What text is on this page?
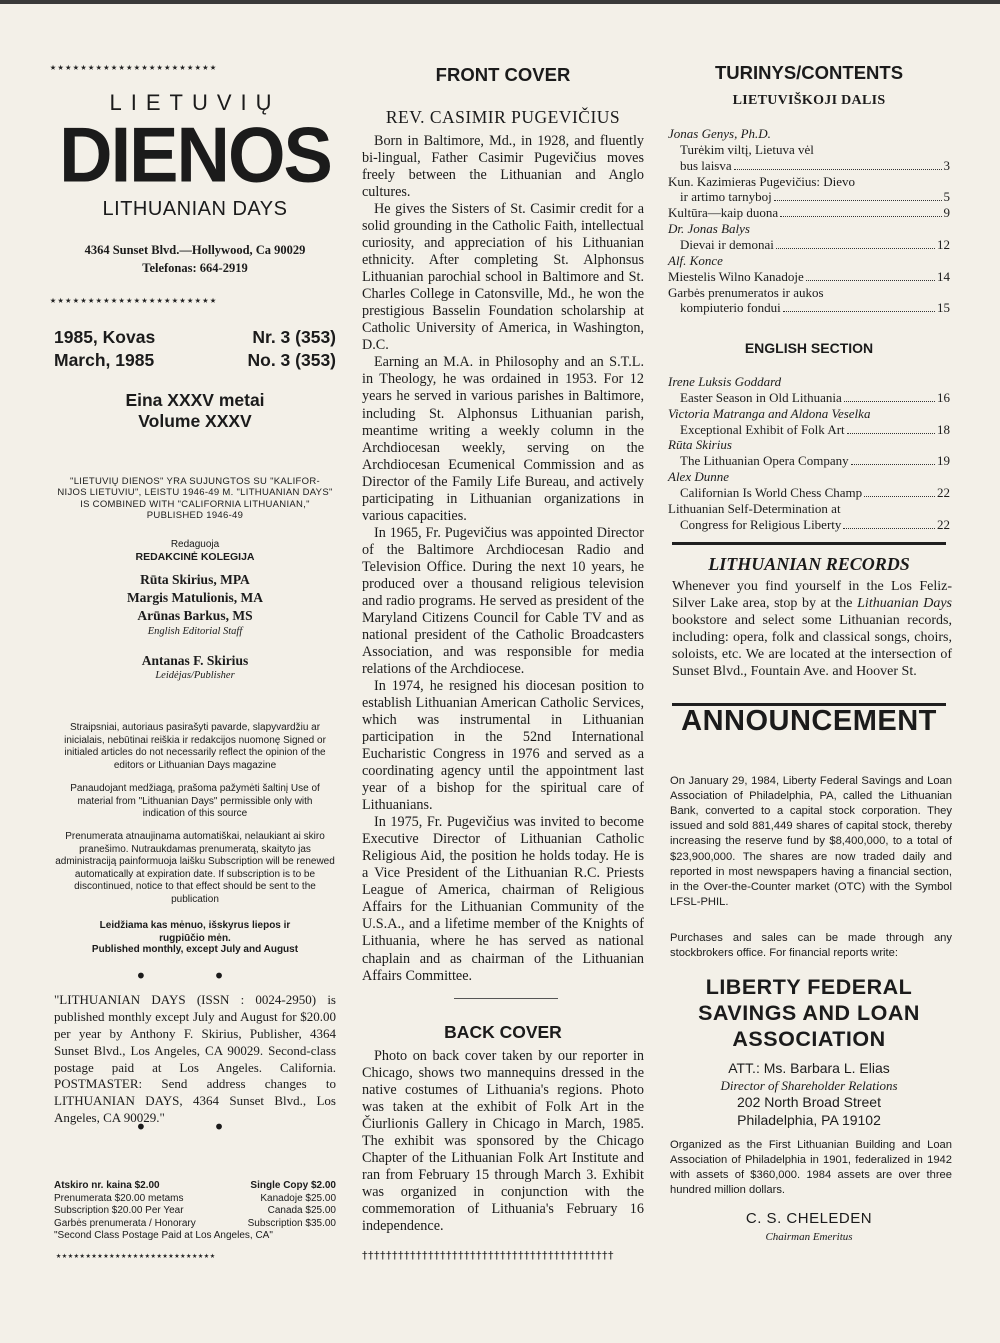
★★★★★★★★★★★★★★★★★★★★★★
LIETUVIŲ
DIENOS
LITHUANIAN DAYS
4364 Sunset Blvd.—Hollywood, Ca 90029
Telefonas: 664-2919
★★★★★★★★★★★★★★★★★★★★★★
1985, Kovas	Nr. 3 (353)
March, 1985	No. 3 (353)
Eina XXXV metai
Volume XXXV
"LIETUVIŲ DIENOS" YRA SUJUNGTOS SU "KALIFOR-NIJOS LIETUVIU", LEISTU 1946-49 M. "LITHUANIAN DAYS" IS COMBINED WITH "CALIFORNIA LITHUANIAN," PUBLISHED 1946-49
Redaguoja
REDAKCINĖ KOLEGIJA
Rūta Skirius, MPA
Margis Matulionis, MA
Arūnas Barkus, MS
English Editorial Staff
Antanas F. Skirius
Leidėjas/Publisher
Straipsniai, autoriaus pasirašyti pavarde, slapyvardžiu ar inicialais, nebūtinai reiškia ir redakcijos nuomonę Signed or initialed articles do not necessarily reflect the opinion of the editors or Lithuanian Days magazine
Panaudojant medžiagą, prašoma pažymėti šaltinį Use of material from "Lithuanian Days" permissible only with indication of this source
Prenumerata atnaujinama automatiškai, nelaukiant ai skiro pranešimo. Nutraukdamas prenumeratą, skaityto jas administraciją painformuoja laišku Subscription will be renewed automatically at expiration date. If subscription is to be discontinued, notice to that effect should be sent to the publication
Leidžiama kas mėnuo, išskyrus liepos ir rugpiūčio mėn.
Published monthly, except July and August
• •
"LITHUANIAN DAYS (ISSN : 0024-2950) is published monthly except July and August for $20.00 per year by Anthony F. Skirius, Publisher, 4364 Sunset Blvd., Los Angeles, CA 90029. Second-class postage paid at Los Angeles. California. POSTMASTER: Send address changes to LITHUANIAN DAYS, 4364 Sunset Blvd., Los Angeles, CA 90029."
• •
Atskiro nr. kaina $2.00	Single Copy $2.00
Prenumerata $20.00 metams	Kanadoje $25.00
Subscription $20.00 Per Year	Canada $25.00
Garbės prenumerata / Honorary	Subscription $35.00
"Second Class Postage Paid at Los Angeles, CA"
★★★★★★★★★★★★★★★★★★★★★★★★★★★
FRONT COVER
REV. CASIMIR PUGEVIČIUS

Born in Baltimore, Md., in 1928, and fluently bi-lingual, Father Casimir Pugevičius moves freely between the Lithuanian and Anglo cultures.

He gives the Sisters of St. Casimir credit for a solid grounding in the Catholic Faith, intellectual curiosity, and appreciation of his Lithuanian ethnicity. After completing St. Alphonsus Lithuanian parochial school in Baltimore and St. Charles College in Catonsville, Md., he won the prestigious Basselin Foundation scholarship at Catholic University of America, in Washington, D.C.

Earning an M.A. in Philosophy and an S.T.L. in Theology, he was ordained in 1953. For 12 years he served in various parishes in Baltimore, including St. Alphonsus Lithuanian parish, meantime writing a weekly column in the Archdiocesan weekly, serving on the Archdiocesan Ecumenical Commission and as Director of the Family Life Bureau, and actively participating in Lithuanian organizations in various capacities.

In 1965, Fr. Pugevičius was appointed Director of the Baltimore Archdiocesan Radio and Television Office. During the next 10 years, he produced over a thousand religious television and radio programs. He served as president of the Maryland Citizens Council for Cable TV and as national president of the Catholic Broadcasters Association, and was responsible for media relations of the Archdiocese.

In 1974, he resigned his diocesan position to establish Lithuanian American Catholic Services, which was instrumental in Lithuanian participation in the 52nd International Eucharistic Congress in 1976 and served as a coordinating agency until the appointment last year of a bishop for the spiritual care of Lithuanians.

In 1975, Fr. Pugevičius was invited to become Executive Director of Lithuanian Catholic Religious Aid, the position he holds today. He is a Vice President of the Lithuanian R.C. Priests League of America, chairman of Religious Affairs for the Lithuanian Community of the U.S.A., and a lifetime member of the Knights of Lithuania, where he has served as national chaplain and as chairman of the Lithuanian Affairs Committee.

BACK COVER

Photo on back cover taken by our reporter in Chicago, shows two mannequins dressed in the native costumes of Lithuania's regions. Photo was taken at the exhibit of Folk Art in the Čiurlionis Gallery in Chicago in March, 1985. The exhibit was sponsored by the Chicago Chapter of the Lithuanian Folk Art Institute and ran from February 15 through March 3. Exhibit was organized in conjunction with the commemoration of Lithuania's February 16 independence.

††††††††††††††††††††††††††††††††††††††††††
TURINYS/CONTENTS
LIETUVIŠKOJI DALIS
Jonas Genys, Ph.D.
Turėkim viltį, Lietuva vėl
bus laisva	3
Kun. Kazimieras Pugevičius: Dievo
ir artimo tarnyboj	5
Kultūra—kaip duona	9
Dr. Jonas Balys
Dievai ir demonai	12
Alf. Konce
Miestelis Wilno Kanadoje	14
Garbės prenumeratos ir aukos
kompiuterio fondui	15
ENGLISH SECTION
Irene Luksis Goddard
Easter Season in Old Lithuania	16
Victoria Matranga and Aldona Veselka
Exceptional Exhibit of Folk Art	18
Rūta Skirius
The Lithuanian Opera Company	19
Alex Dunne
Californian Is World Chess Champ	22
Lithuanian Self-Determination at
Congress for Religious Liberty	22
LITHUANIAN RECORDS
Whenever you find yourself in the Los Feliz-Silver Lake area, stop by at the Lithuanian Days bookstore and select some Lithuanian records, including: opera, folk and classical songs, choirs, soloists, etc. We are located at the intersection of Sunset Blvd., Fountain Ave. and Hoover St.
ANNOUNCEMENT
On January 29, 1984, Liberty Federal Savings and Loan Association of Philadelphia, PA, called the Lithuanian Bank, converted to a capital stock corporation. They issued and sold 881,449 shares of capital stock, thereby increasing the reserve fund by $8,400,000, to a total of $23,900,000. The shares are now traded daily and reported in most newspapers having a financial section, in the Over-the-Counter market (OTC) with the Symbol LFSL-PHIL.
Purchases and sales can be made through any stockbrokers office. For financial reports write:
LIBERTY FEDERAL
SAVINGS AND LOAN
ASSOCIATION
ATT.: Ms. Barbara L. Elias
Director of Shareholder Relations
202 North Broad Street
Philadelphia, PA 19102
Organized as the First Lithuanian Building and Loan Association of Philadelphia in 1901, federalized in 1942 with assets of $360,000. 1984 assets are over three hundred million dollars.
C. S. CHELEDEN
Chairman Emeritus
